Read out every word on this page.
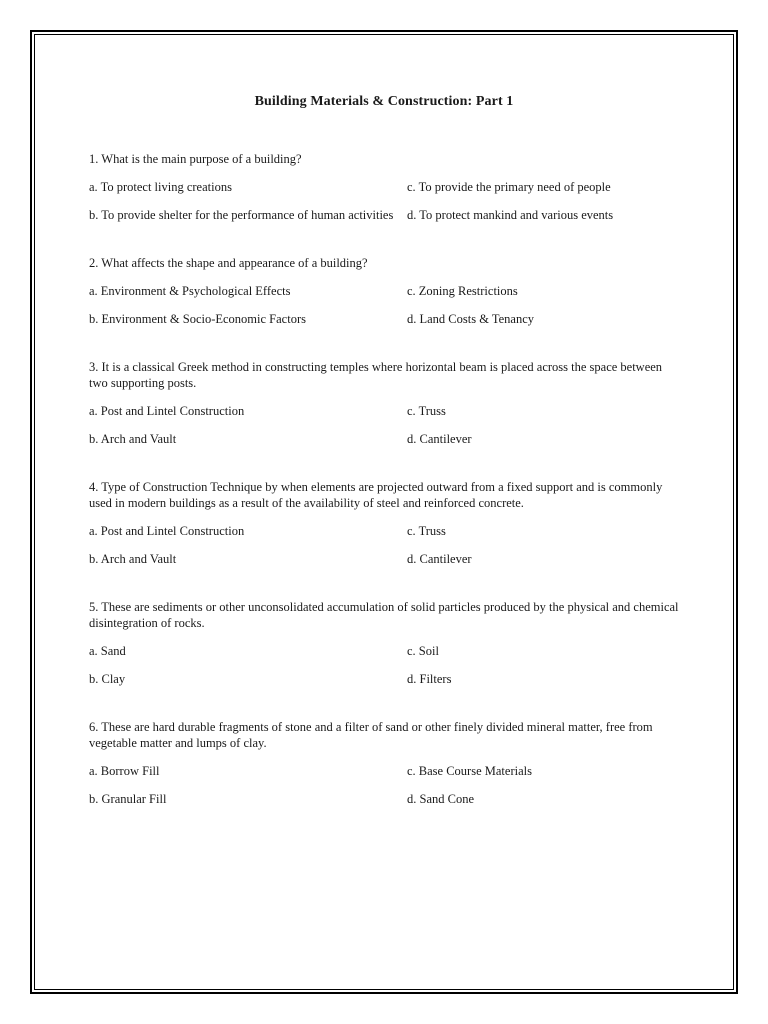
Building Materials & Construction: Part 1

1. What is the main purpose of a building?

a. To protect living creations	c. To provide the primary need of people

b. To provide shelter for the performance of human activities	d. To protect mankind and various events

2. What affects the shape and appearance of a building?

a. Environment & Psychological Effects	c. Zoning Restrictions

b. Environment & Socio-Economic Factors	d. Land Costs & Tenancy

3. It is a classical Greek method in constructing temples where horizontal beam is placed across the space between two supporting posts.

a. Post and Lintel Construction	c. Truss

b. Arch and Vault	d. Cantilever

4. Type of Construction Technique by when elements are projected outward from a fixed support and is commonly used in modern buildings as a result of the availability of steel and reinforced concrete.

a. Post and Lintel Construction	c. Truss

b. Arch and Vault	d. Cantilever

5. These are sediments or other unconsolidated accumulation of solid particles produced by the physical and chemical disintegration of rocks.

a. Sand	c. Soil

b. Clay	d. Filters

6. These are hard durable fragments of stone and a filter of sand or other finely divided mineral matter, free from vegetable matter and lumps of clay.

a. Borrow Fill	c. Base Course Materials

b. Granular Fill	d. Sand Cone
